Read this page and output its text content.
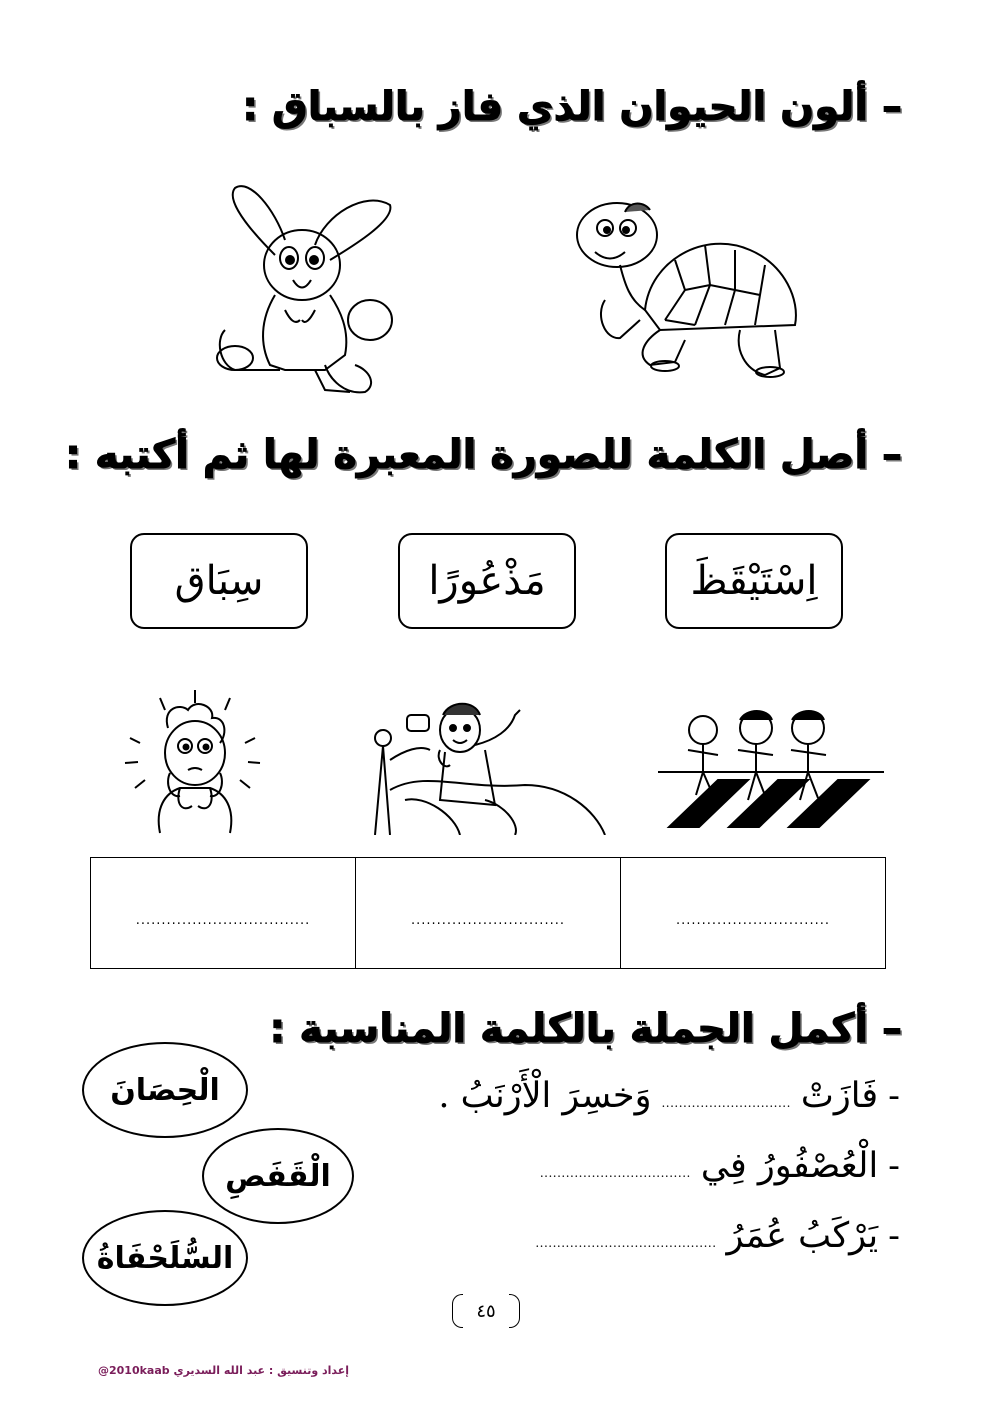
– ألون الحيوان الذي فاز بالسباق :
– أصل الكلمة للصورة المعبرة لها ثم أكتبه :
اِسْتَيْقَظَ
مَذْعُورًا
سِبَاق
..................................	..............................	..............................
– أكمل الجملة بالكلمة المناسبة :
-
فَازَتْ
..............................
وَخسِرَ الْأَرْنَبُ .
-
الْعُصْفُورُ فِي
...................................
-
يَرْكَبُ عُمَرُ
..........................................
الْحِصَانَ
الْقَفَصِ
السُّلَحْفَاةُ
٤٥
إعداد وتنسيق : عبد الله السديري 2010kaab@
